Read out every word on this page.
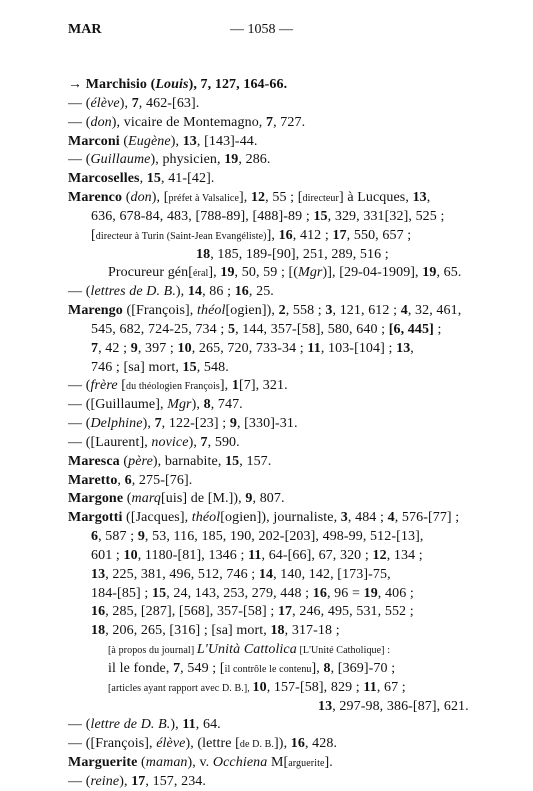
MAR	— 1058 —
→ Marchisio (Louis), 7, 127, 164-66.
— (élève), 7, 462-[63].
— (don), vicaire de Montemagno, 7, 727.
Marconi (Eugène), 13, [143]-44.
— (Guillaume), physicien, 19, 286.
Marcoselles, 15, 41-[42].
Marenco (don), [préfet à Valsalice], 12, 55 ; [directeur] à Lucques, 13,
636, 678-84, 483, [788-89], [488]-89 ; 15, 329, 331[32], 525 ;
[directeur à Turin (Saint-Jean Evangéliste)], 16, 412 ; 17, 550, 657 ;
18, 185, 189-[90], 251, 289, 516 ;
Procureur gén[éral], 19, 50, 59 ; [(Mgr)], [29-04-1909], 19, 65.
— (lettres de D. B.), 14, 86 ; 16, 25.
Marengo ([François], théol[ogien]), 2, 558 ; 3, 121, 612 ; 4, 32, 461,
545, 682, 724-25, 734 ; 5, 144, 357-[58], 580, 640 ; [6, 445] ;
7, 42 ; 9, 397 ; 10, 265, 720, 733-34 ; 11, 103-[104] ; 13,
746 ; [sa] mort, 15, 548.
— (frère [du théologien François], 1[7], 321.
— ([Guillaume], Mgr), 8, 747.
— (Delphine), 7, 122-[23] ; 9, [330]-31.
— ([Laurent], novice), 7, 590.
Maresca (père), barnabite, 15, 157.
Maretto, 6, 275-[76].
Margone (marq[uis] de [M.]), 9, 807.
Margotti ([Jacques], théol[ogien]), journaliste, 3, 484 ; 4, 576-[77] ;
6, 587 ; 9, 53, 116, 185, 190, 202-[203], 498-99, 512-[13],
601 ; 10, 1180-[81], 1346 ; 11, 64-[66], 67, 320 ; 12, 134 ;
13, 225, 381, 496, 512, 746 ; 14, 140, 142, [173]-75,
184-[85] ; 15, 24, 143, 253, 279, 448 ; 16, 96 = 19, 406 ;
16, 285, [287], [568], 357-[58] ; 17, 246, 495, 531, 552 ;
18, 206, 265, [316] ; [sa] mort, 18, 317-18 ;
[à propos du journal] L'Unità Cattolica [L'Unité Catholique] :
il le fonde, 7, 549 ; [il contrôle le contenu], 8, [369]-70 ;
[articles ayant rapport avec D. B.], 10, 157-[58], 829 ; 11, 67 ;
13, 297-98, 386-[87], 621.
— (lettre de D. B.), 11, 64.
— ([François], élève), (lettre [de D. B.]), 16, 428.
Marguerite (maman), v. Occhiena M[arguerite].
— (reine), 17, 157, 234.
